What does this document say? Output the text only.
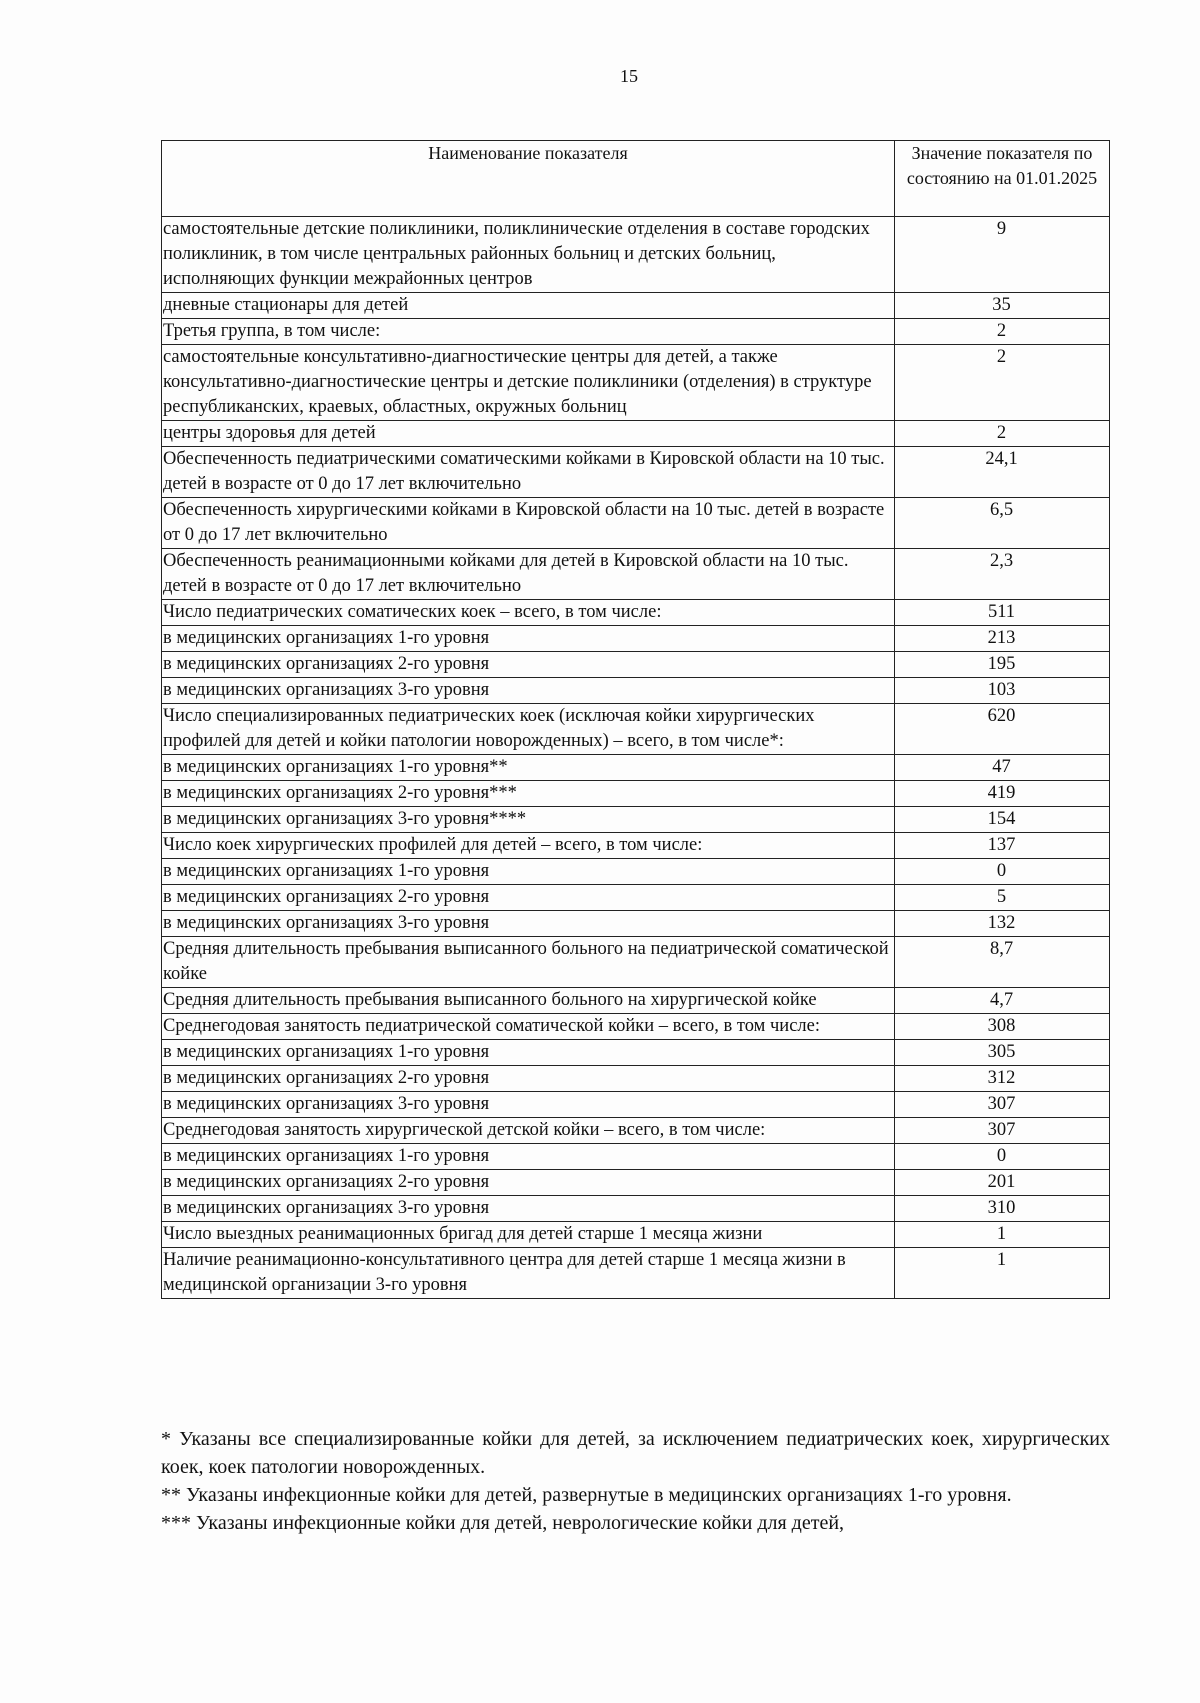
15
Наименование показателя	Значение показателя по состоянию на 01.01.2025
самостоятельные детские поликлиники, поликлинические отделения в составе городских поликлиник, в том числе центральных районных больниц и детских больниц, исполняющих функции межрайонных центров	9
дневные стационары для детей	35
Третья группа, в том числе:	2
самостоятельные консультативно-диагностические центры для детей, а также консультативно-диагностические центры и детские поликлиники (отделения) в структуре республиканских, краевых, областных, окружных больниц	2
центры здоровья для детей	2
Обеспеченность педиатрическими соматическими койками в Кировской области на 10 тыс. детей в возрасте от 0 до 17 лет включительно	24,1
Обеспеченность хирургическими койками в Кировской области на 10 тыс. детей в возрасте от 0 до 17 лет включительно	6,5
Обеспеченность реанимационными койками для детей в Кировской области на 10 тыс. детей в возрасте от 0 до 17 лет включительно	2,3
Число педиатрических соматических коек – всего, в том числе:	511
в медицинских организациях 1-го уровня	213
в медицинских организациях 2-го уровня	195
в медицинских организациях 3-го уровня	103
Число специализированных педиатрических коек (исключая койки хирургических профилей для детей и койки патологии новорожденных) – всего, в том числе*:	620
в медицинских организациях 1-го уровня**	47
в медицинских организациях 2-го уровня***	419
в медицинских организациях 3-го уровня****	154
Число коек хирургических профилей для детей – всего, в том числе:	137
в медицинских организациях 1-го уровня	0
в медицинских организациях 2-го уровня	5
в медицинских организациях 3-го уровня	132
Средняя длительность пребывания выписанного больного на педиатрической соматической койке	8,7
Средняя длительность пребывания выписанного больного на хирургической койке	4,7
Среднегодовая занятость педиатрической соматической койки – всего, в том числе:	308
в медицинских организациях 1-го уровня	305
в медицинских организациях 2-го уровня	312
в медицинских организациях 3-го уровня	307
Среднегодовая занятость хирургической детской койки – всего, в том числе:	307
в медицинских организациях 1-го уровня	0
в медицинских организациях 2-го уровня	201
в медицинских организациях 3-го уровня	310
Число выездных реанимационных бригад для детей старше 1 месяца жизни	1
Наличие реанимационно-консультативного центра для детей старше 1 месяца жизни в медицинской организации 3-го уровня	1

* Указаны все специализированные койки для детей, за исключением педиатрических коек, хирургических коек, коек патологии новорожденных.

** Указаны инфекционные койки для детей, развернутые в медицинских организациях 1-го уровня.

*** Указаны инфекционные койки для детей, неврологические койки для детей,
